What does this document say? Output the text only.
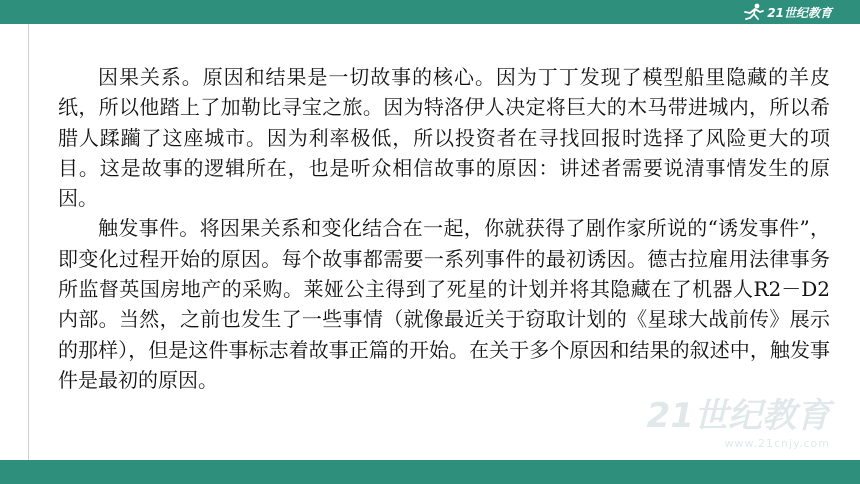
21世纪教育

因果关系。原因和结果是一切故事的核心。因为丁丁发现了模型船里隐藏的羊皮纸，所以他踏上了加勒比寻宝之旅。因为特洛伊人决定将巨大的木马带进城内，所以希腊人蹂躏了这座城市。因为利率极低，所以投资者在寻找回报时选择了风险更大的项目。这是故事的逻辑所在，也是听众相信故事的原因：讲述者需要说清事情发生的原因。

触发事件。将因果关系和变化结合在一起，你就获得了剧作家所说的“诱发事件”，即变化过程开始的原因。每个故事都需要一系列事件的最初诱因。德古拉雇用法律事务所监督英国房地产的采购。莱娅公主得到了死星的计划并将其隐藏在了机器人R2－D2内部。当然，之前也发生了一些事情（就像最近关于窃取计划的《星球大战前传》展示的那样），但是这件事标志着故事正篇的开始。在关于多个原因和结果的叙述中，触发事件是最初的原因。

21世纪教育
www.21cnjy.com
